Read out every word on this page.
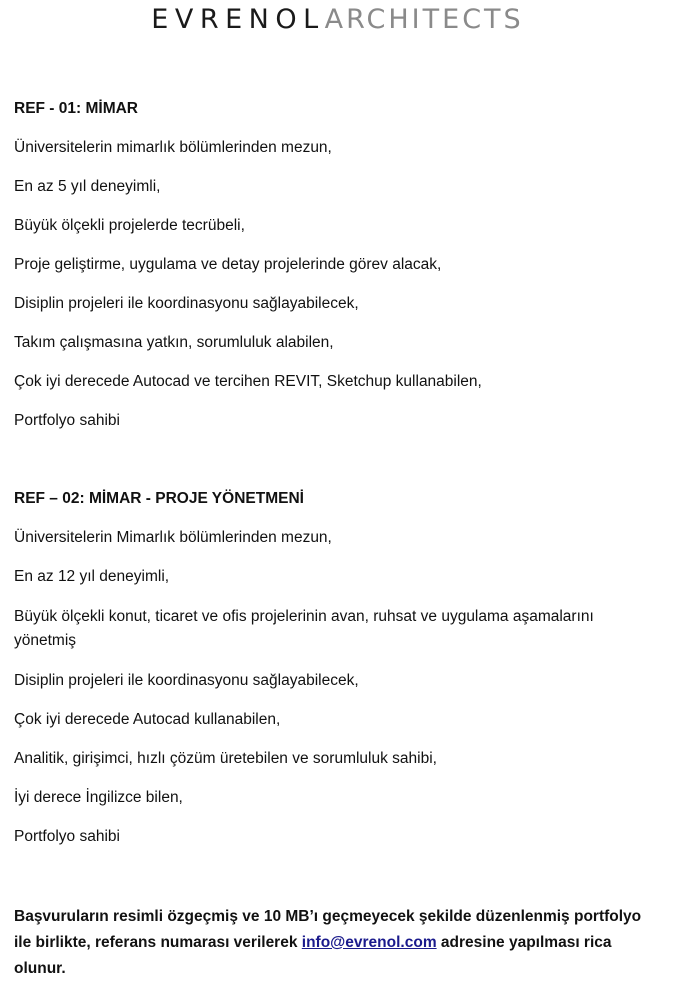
EVRENOLARCHITECTS

REF - 01: MİMAR

Üniversitelerin mimarlık bölümlerinden mezun,

En az 5 yıl deneyimli,

Büyük ölçekli projelerde tecrübeli,

Proje geliştirme, uygulama ve detay projelerinde görev alacak,

Disiplin projeleri ile koordinasyonu sağlayabilecek,

Takım çalışmasına yatkın, sorumluluk alabilen,

Çok iyi derecede Autocad ve tercihen REVIT, Sketchup kullanabilen,

Portfolyo sahibi

REF – 02: MİMAR - PROJE YÖNETMENİ

Üniversitelerin Mimarlık bölümlerinden mezun,

En az 12 yıl deneyimli,

Büyük ölçekli konut, ticaret ve ofis projelerinin avan, ruhsat ve uygulama aşamalarını yönetmiş

Disiplin projeleri ile koordinasyonu sağlayabilecek,

Çok iyi derecede Autocad kullanabilen,

Analitik, girişimci, hızlı çözüm üretebilen ve sorumluluk sahibi,

İyi derece İngilizce bilen,

Portfolyo sahibi

Başvuruların resimli özgeçmiş ve 10 MB’ı geçmeyecek şekilde düzenlenmiş portfolyo ile birlikte, referans numarası verilerek info@evrenol.com adresine yapılması rica olunur.
